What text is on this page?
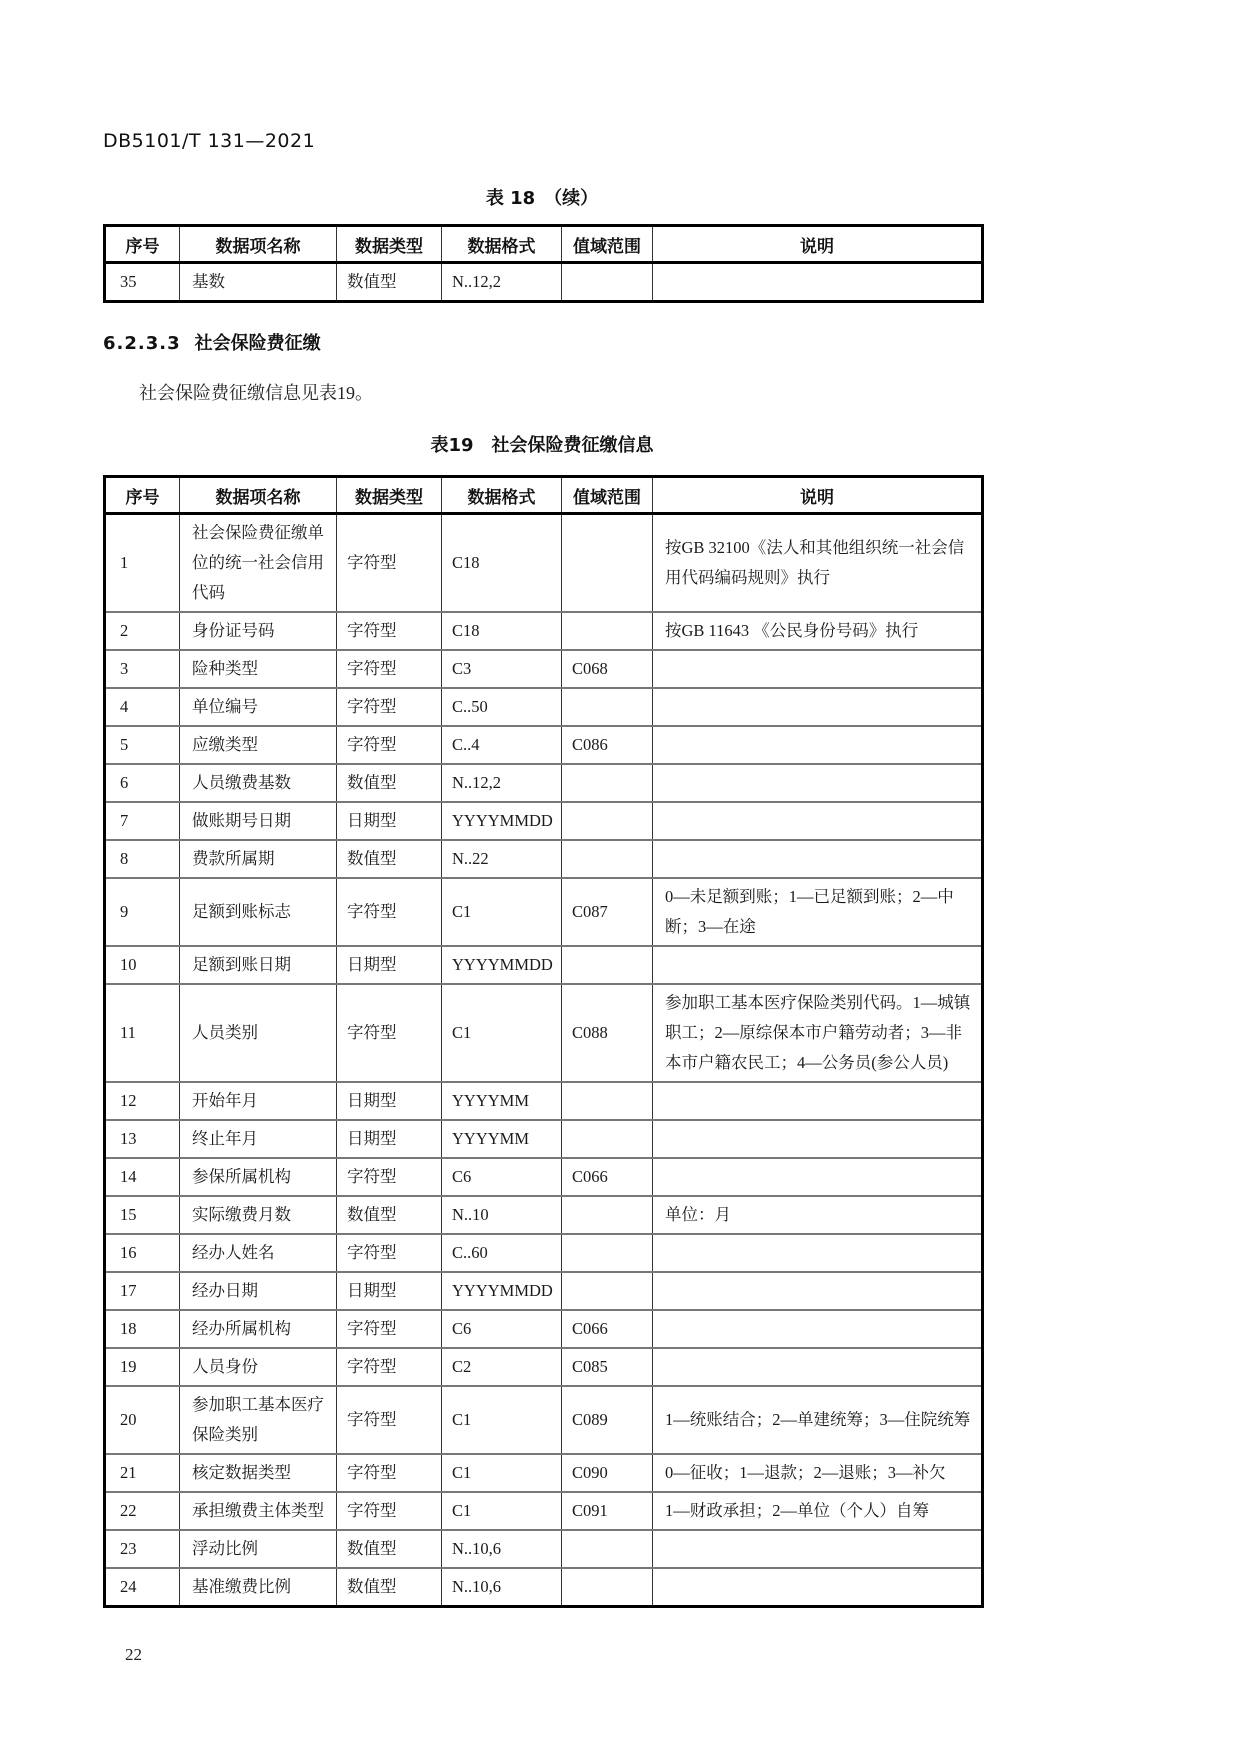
DB5101/T 131—2021
表 18　（续）
序号	数据项名称	数据类型	数据格式	值域范围	说明
35	基数	数值型	N..12,2		
6.2.3.3 社会保险费征缴

社会保险费征缴信息见表19。

表19　社会保险费征缴信息
序号	数据项名称	数据类型	数据格式	值域范围	说明
1	社会保险费征缴单位的统一社会信用代码	字符型	C18		按GB 32100《法人和其他组织统一社会信用代码编码规则》执行
2	身份证号码	字符型	C18		按GB 11643 《公民身份号码》执行
3	险种类型	字符型	C3	C068	
4	单位编号	字符型	C..50		
5	应缴类型	字符型	C..4	C086	
6	人员缴费基数	数值型	N..12,2		
7	做账期号日期	日期型	YYYYMMDD		
8	费款所属期	数值型	N..22		
9	足额到账标志	字符型	C1	C087	0—未足额到账；1—已足额到账；2—中断；3—在途
10	足额到账日期	日期型	YYYYMMDD		
11	人员类别	字符型	C1	C088	参加职工基本医疗保险类别代码。1—城镇职工；2—原综保本市户籍劳动者；3—非本市户籍农民工；4—公务员(参公人员)
12	开始年月	日期型	YYYYMM		
13	终止年月	日期型	YYYYMM		
14	参保所属机构	字符型	C6	C066	
15	实际缴费月数	数值型	N..10		单位：月
16	经办人姓名	字符型	C..60		
17	经办日期	日期型	YYYYMMDD		
18	经办所属机构	字符型	C6	C066	
19	人员身份	字符型	C2	C085	
20	参加职工基本医疗保险类别	字符型	C1	C089	1—统账结合；2—单建统筹；3—住院统筹
21	核定数据类型	字符型	C1	C090	0—征收；1—退款；2—退账；3—补欠
22	承担缴费主体类型	字符型	C1	C091	1—财政承担；2—单位（个人）自筹
23	浮动比例	数值型	N..10,6		
24	基准缴费比例	数值型	N..10,6		
22
